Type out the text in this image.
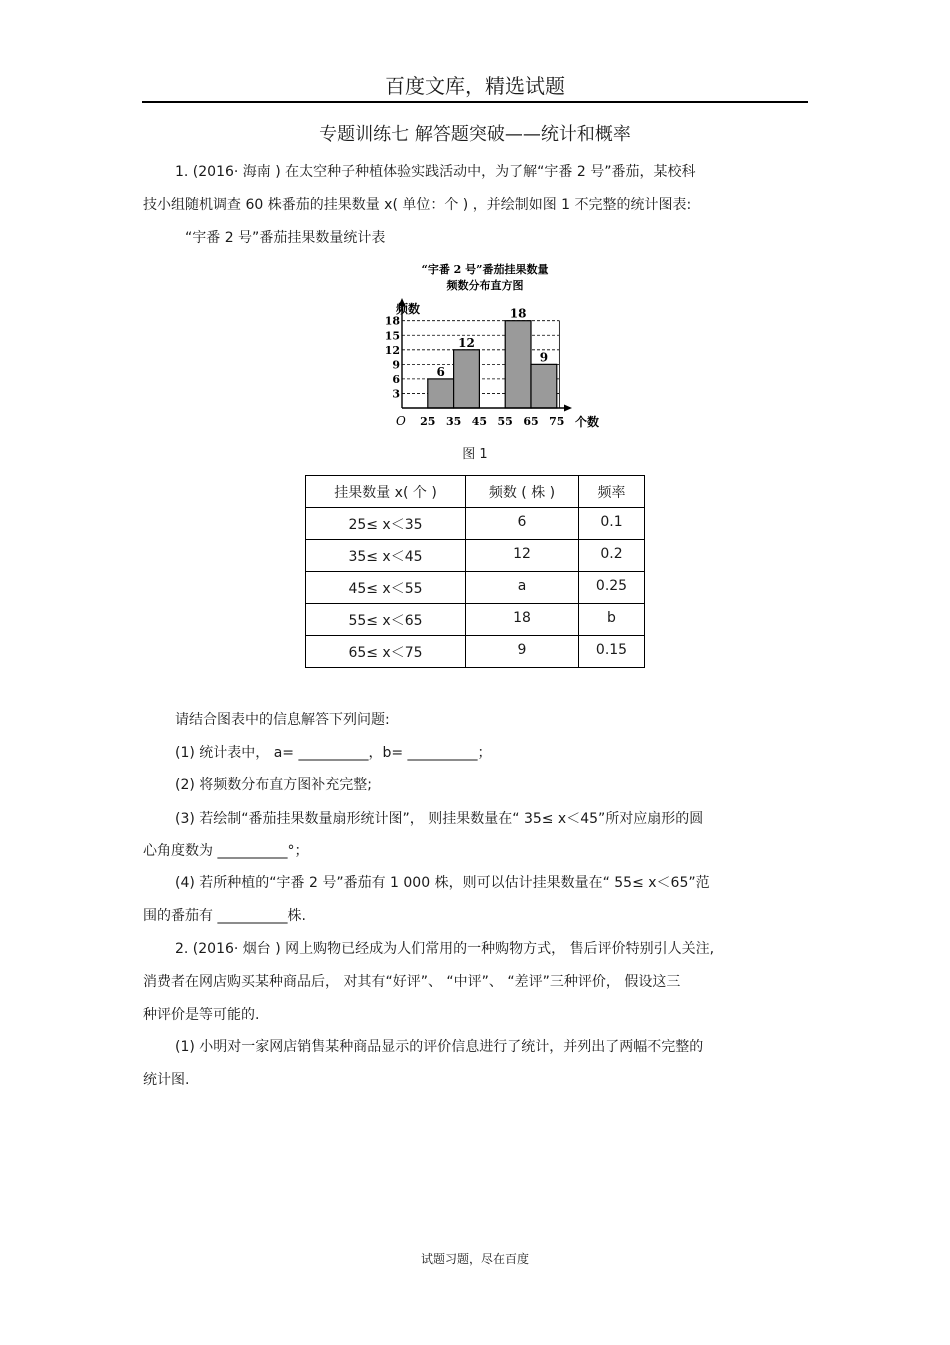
百度文库，精选试题
专题训练七 解答题突破——统计和概率
1. (2016· 海南 ) 在太空种子种植体验实践活动中，为了解“宇番 2 号”番茄，某校科
技小组随机调查 60 株番茄的挂果数量 x( 单位：个 ) ，并绘制如图 1 不完整的统计图表:
“宇番 2 号”番茄挂果数量统计表
“宇番 2 号”番茄挂果数量
频数分布直方图
6
12
18
9
3
6
9
12
15
18
25 35 45 55 65 75
频数
个数
O
图 1
挂果数量 x( 个 )	频数 ( 株 )	频率
25≤ x＜35	6	0.1
35≤ x＜45	12	0.2
45≤ x＜55	a	0.25
55≤ x＜65	18	b
65≤ x＜75	9	0.15
请结合图表中的信息解答下列问题:
(1) 统计表中， a= __________，b= __________；
(2) 将频数分布直方图补充完整;
(3) 若绘制“番茄挂果数量扇形统计图”， 则挂果数量在“ 35≤ x＜45”所对应扇形的圆
心角度数为 __________°；
(4) 若所种植的“宇番 2 号”番茄有 1 000 株，则可以估计挂果数量在“ 55≤ x＜65”范
围的番茄有 __________株.
2. (2016· 烟台 ) 网上购物已经成为人们常用的一种购物方式， 售后评价特别引人关注,
消费者在网店购买某种商品后， 对其有“好评”、 “中评”、 “差评”三种评价， 假设这三
种评价是等可能的.
(1) 小明对一家网店销售某种商品显示的评价信息进行了统计，并列出了两幅不完整的
统计图.
试题习题，尽在百度
